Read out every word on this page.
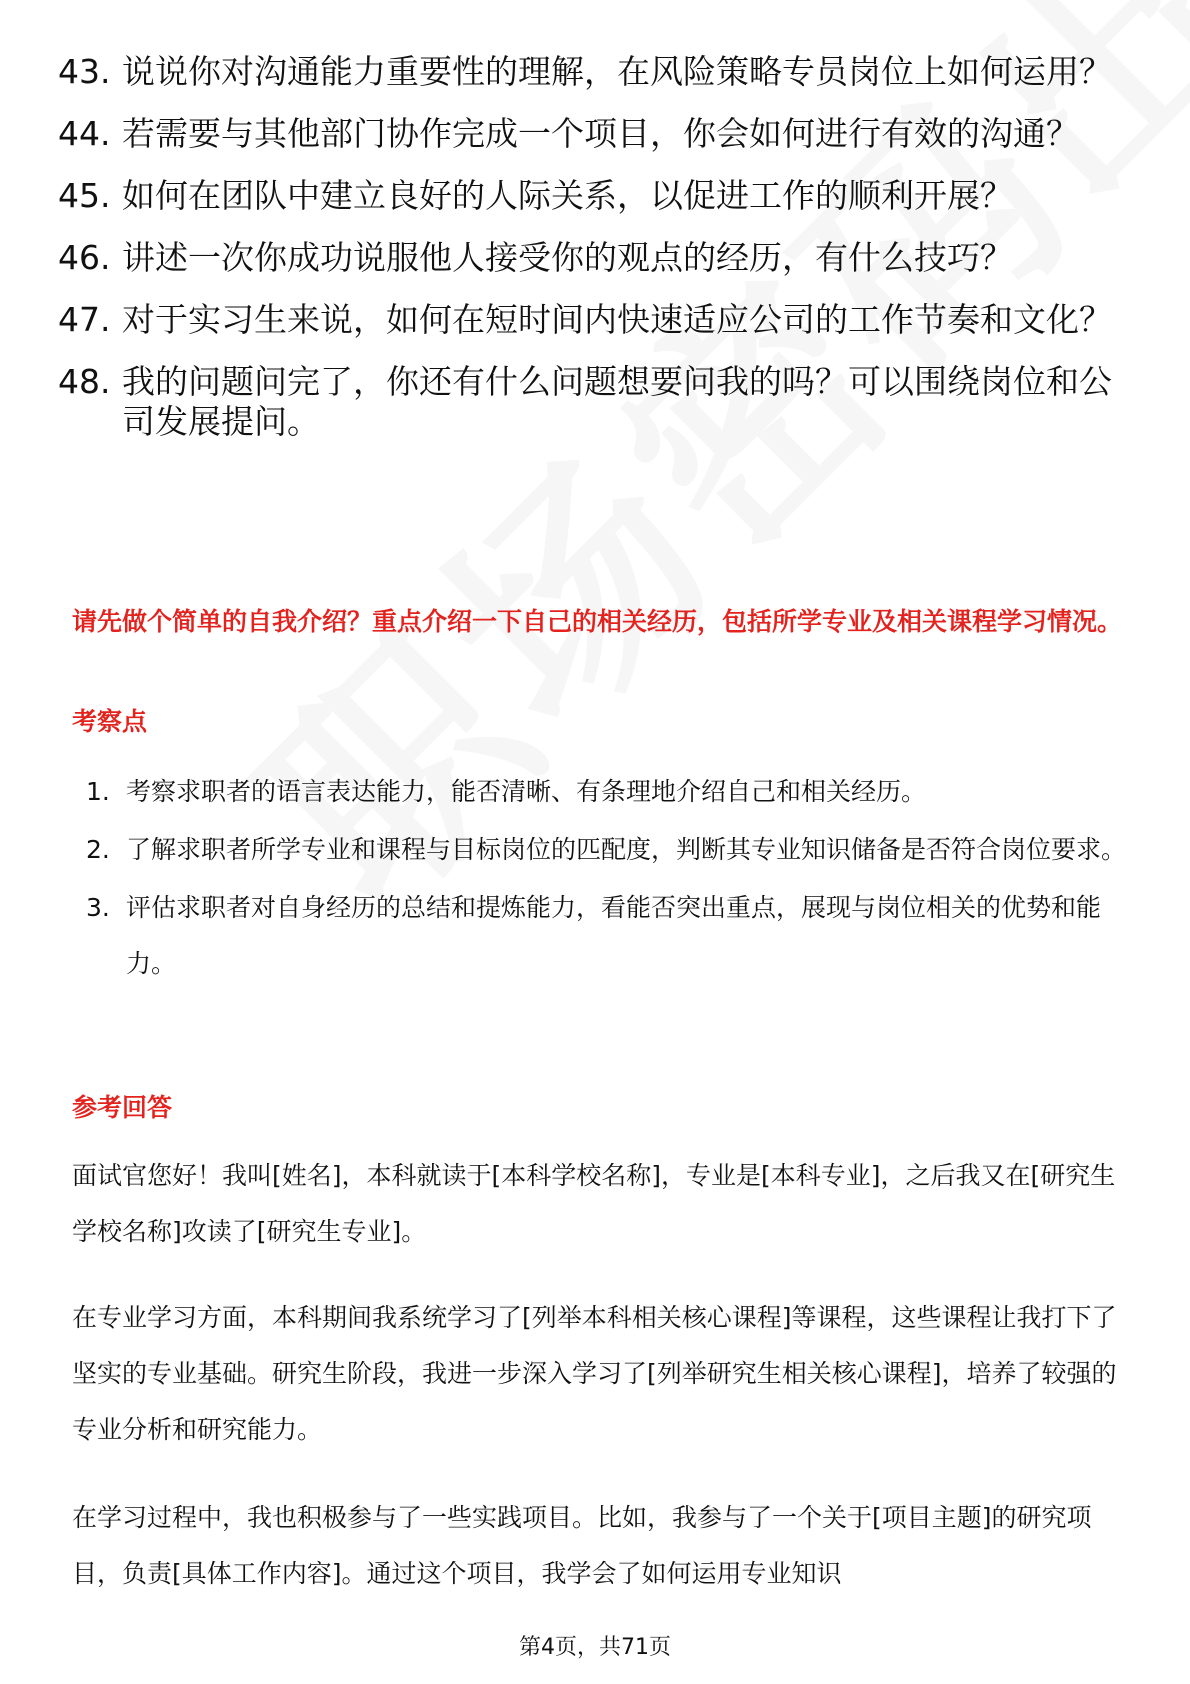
43. 说说你对沟通能力重要性的理解，在风险策略专员岗位上如何运用？
44. 若需要与其他部门协作完成一个项目，你会如何进行有效的沟通？
45. 如何在团队中建立良好的人际关系，以促进工作的顺利开展？
46. 讲述一次你成功说服他人接受你的观点的经历，有什么技巧？
47. 对于实习生来说，如何在短时间内快速适应公司的工作节奏和文化？
48. 我的问题问完了，你还有什么问题想要问我的吗？可以围绕岗位和公司发展提问。
请先做个简单的自我介绍？重点介绍一下自己的相关经历，包括所学专业及相关课程学习情况。
考察点
1. 考察求职者的语言表达能力，能否清晰、有条理地介绍自己和相关经历。
2. 了解求职者所学专业和课程与目标岗位的匹配度，判断其专业知识储备是否符合岗位要求。
3. 评估求职者对自身经历的总结和提炼能力，看能否突出重点，展现与岗位相关的优势和能力。
参考回答
面试官您好！我叫[姓名]，本科就读于[本科学校名称]，专业是[本科专业]，之后我又在[研究生学校名称]攻读了[研究生专业]。
在专业学习方面，本科期间我系统学习了[列举本科相关核心课程]等课程，这些课程让我打下了坚实的专业基础。研究生阶段，我进一步深入学习了[列举研究生相关核心课程]，培养了较强的专业分析和研究能力。
在学习过程中，我也积极参与了一些实践项目。比如，我参与了一个关于[项目主题]的研究项目，负责[具体工作内容]。通过这个项目，我学会了如何运用专业知识
第4页，共71页
